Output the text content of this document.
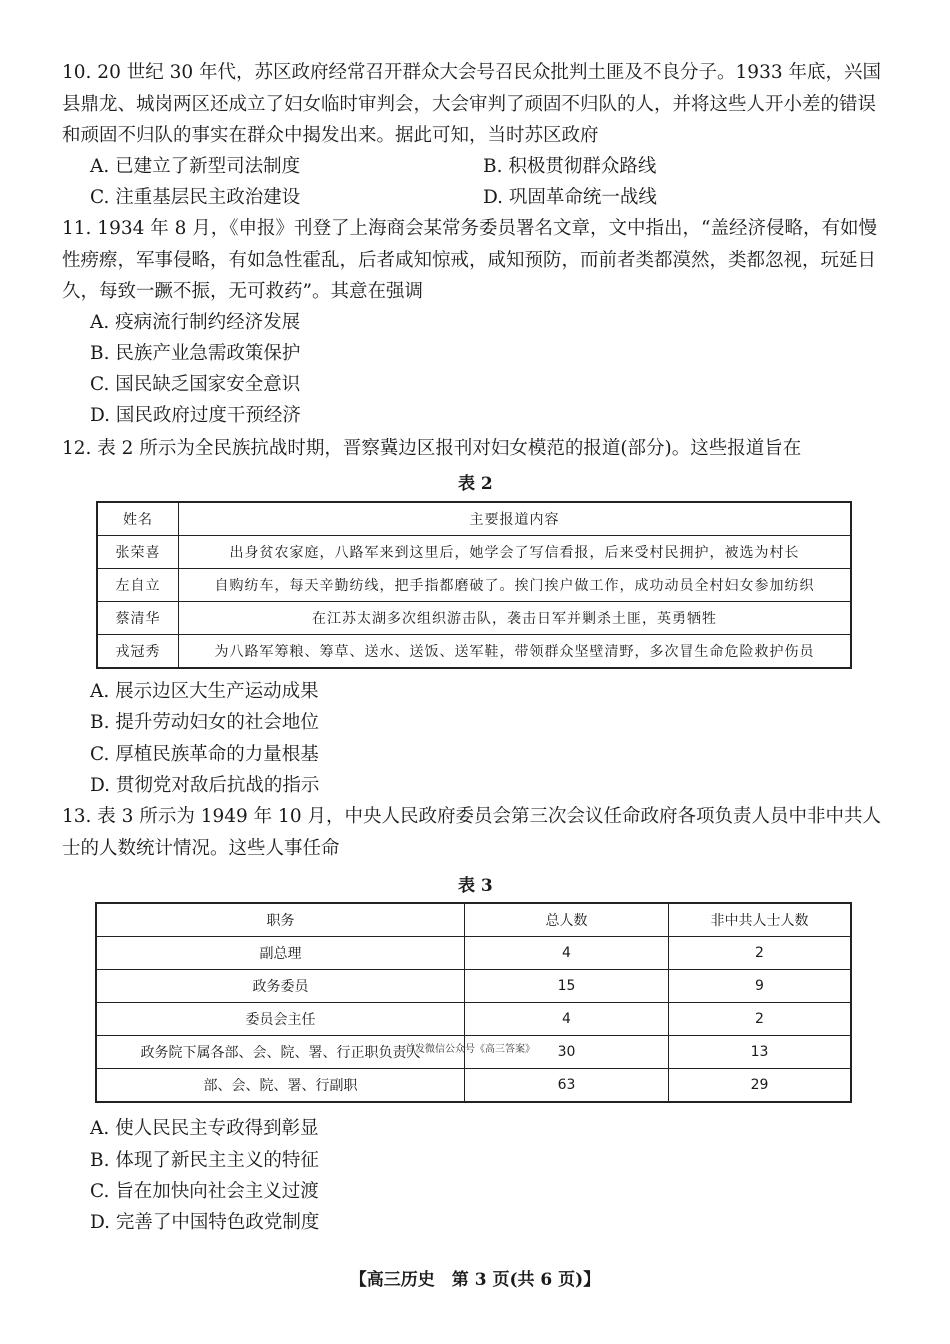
10. 20 世纪 30 年代，苏区政府经常召开群众大会号召民众批判土匪及不良分子。1933 年底，兴国县鼎龙、城岗两区还成立了妇女临时审判会，大会审判了顽固不归队的人，并将这些人开小差的错误和顽固不归队的事实在群众中揭发出来。据此可知，当时苏区政府

A. 已建立了新型司法制度	B. 积极贯彻群众路线
C. 注重基层民主政治建设	D. 巩固革命统一战线

11. 1934 年 8 月，《申报》刊登了上海商会某常务委员署名文章，文中指出，“盖经济侵略，有如慢性痨瘵，军事侵略，有如急性霍乱，后者咸知惊戒，咸知预防，而前者类都漠然，类都忽视，玩延日久，每致一蹶不振，无可救药”。其意在强调

A. 疫病流行制约经济发展
B. 民族产业急需政策保护
C. 国民缺乏国家安全意识
D. 国民政府过度干预经济

12. 表 2 所示为全民族抗战时期，晋察冀边区报刊对妇女模范的报道(部分)。这些报道旨在

表 2
姓名	主要报道内容
张荣喜	出身贫农家庭，八路军来到这里后，她学会了写信看报，后来受村民拥护，被选为村长
左自立	自购纺车，每天辛勤纺线，把手指都磨破了。挨门挨户做工作，成功动员全村妇女参加纺织
蔡清华	在江苏太湖多次组织游击队，袭击日军并剿杀土匪，英勇牺牲
戎冠秀	为八路军筹粮、筹草、送水、送饭、送军鞋，带领群众坚壁清野，多次冒生命危险救护伤员
A. 展示边区大生产运动成果
B. 提升劳动妇女的社会地位
C. 厚植民族革命的力量根基
D. 贯彻党对敌后抗战的指示

13. 表 3 所示为 1949 年 10 月，中央人民政府委员会第三次会议任命政府各项负责人员中非中共人士的人数统计情况。这些人事任命

表 3
职务	总人数	非中共人士人数
副总理	4	2
政务委员	15	9
委员会主任	4	2
政务院下属各部、会、院、署、行正职负责人	30	13
部、会、院、署、行副职	63	29
首发微信公众号《高三答案》
A. 使人民民主专政得到彰显
B. 体现了新民主主义的特征
C. 旨在加快向社会主义过渡
D. 完善了中国特色政党制度
【高三历史　第 3 页(共 6 页)】
